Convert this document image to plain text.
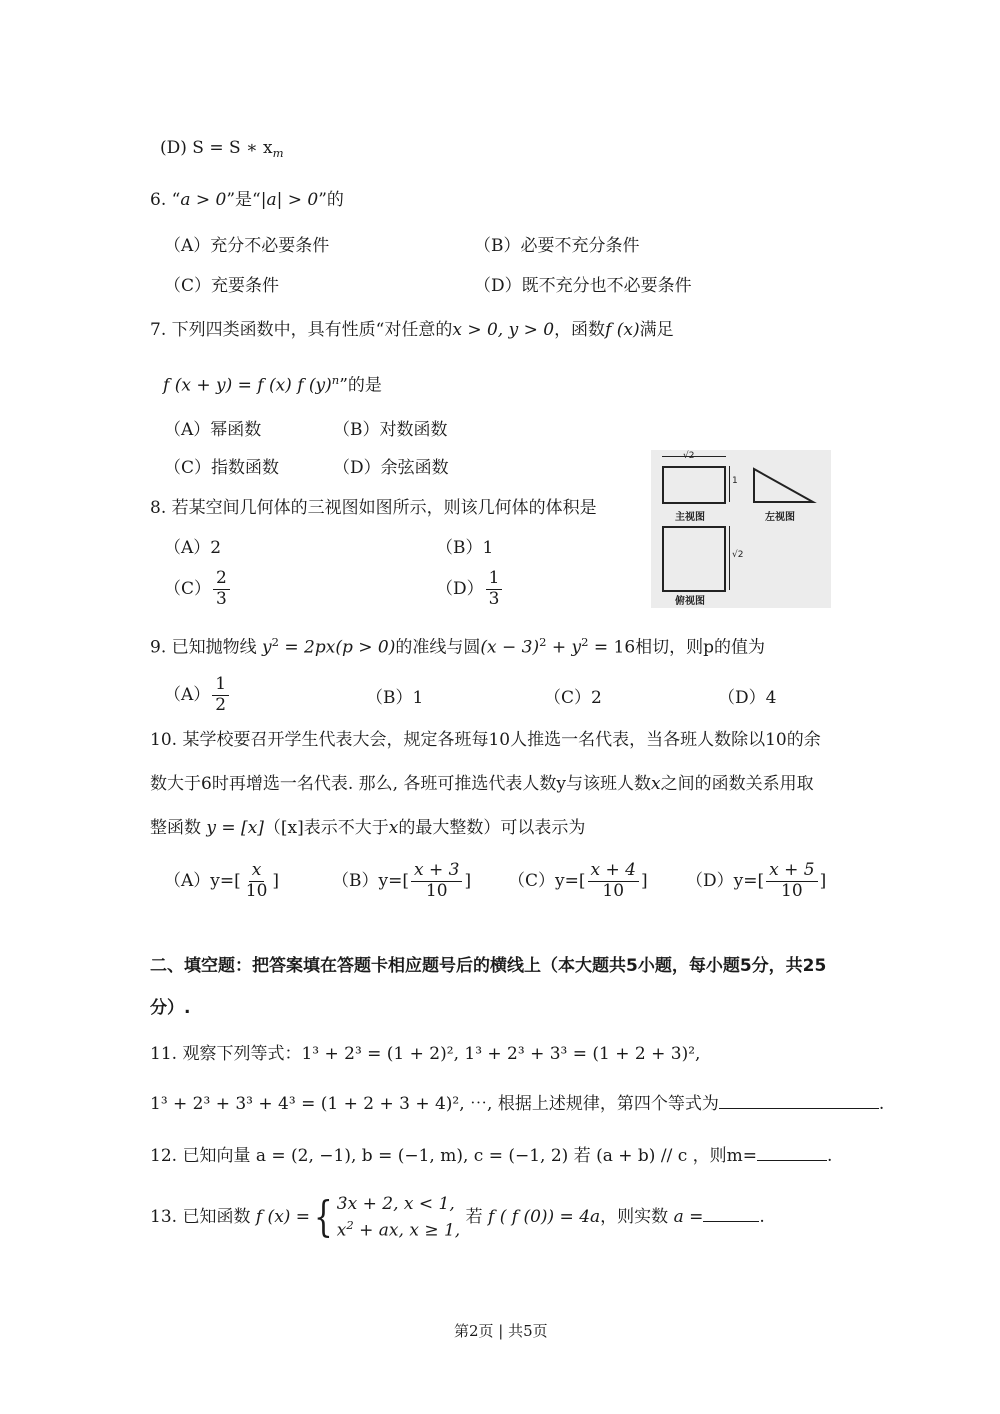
(D) S = S ∗ $x_m$
6. “a > 0”是“|a| > 0”的
（A）充分不必要条件	（B）必要不充分条件
（C）充要条件	（D）既不充分也不必要条件
7. 下列四类函数中，具有性质“对任意的x > 0, y > 0，函数f (x)满足
f (x + y) = f (x) f $(y)^n$”的是
（A）幂函数	（B）对数函数
（C）指数函数	（D）余弦函数
8. 若某空间几何体的三视图如图所示，则该几何体的体积是
（A）2	（B）1
$(C) \frac{2}{3}$	$(D) \frac{1}{3}$
√2
1
主视图	左视图
√2
俯视图
9. 已知抛物线 $y^2 = 2px(p > 0)$的准线与圆$(x - 3)^2 + y^2 = 16$相切，则p的值为
$(A) \frac{1}{2}$	（B）1	（C）2	（D）4
10. 某学校要召开学生代表大会，规定各班每10人推选一名代表，当各班人数除以10的余
数大于6时再增选一名代表. 那么, 各班可推选代表人数y与该班人数x之间的函数关系用取
整函数 y = [x]（[x]表示不大于x的最大整数）可以表示为
$(A)y=[ \frac{x}{10}$ ]	$(B)y=[ \frac{x + 3}{10}$ ] $(C)y=[ \frac{x + 4}{10}$ ] $(D)y=[ \frac{x + 5}{10}$ ]
二、填空题：把答案填在答题卡相应题号后的横线上（本大题共5小题，每小题5分，共25
分）.
11. 观察下列等式：1³ + 2³ = (1 + 2)², 1³ + 2³ + 3³ = (1 + 2 + 3)²,
1³ + 2³ + 3³ + 4³ = (1 + 2 + 3 + 4)², ⋯, 根据上述规律，第四个等式为	.
12. 已知向量 a = (2, −1), b = (−1, m), c = (−1, 2) 若 (a + b) // c ，则m=	.
13. 已知函数 f (x) ={ 3x + 2, x < 1,
$x^2$ + ax, x ≥ 1,
若 f ( f (0)) = 4a，则实数 a =	.
第2页 | 共5页
